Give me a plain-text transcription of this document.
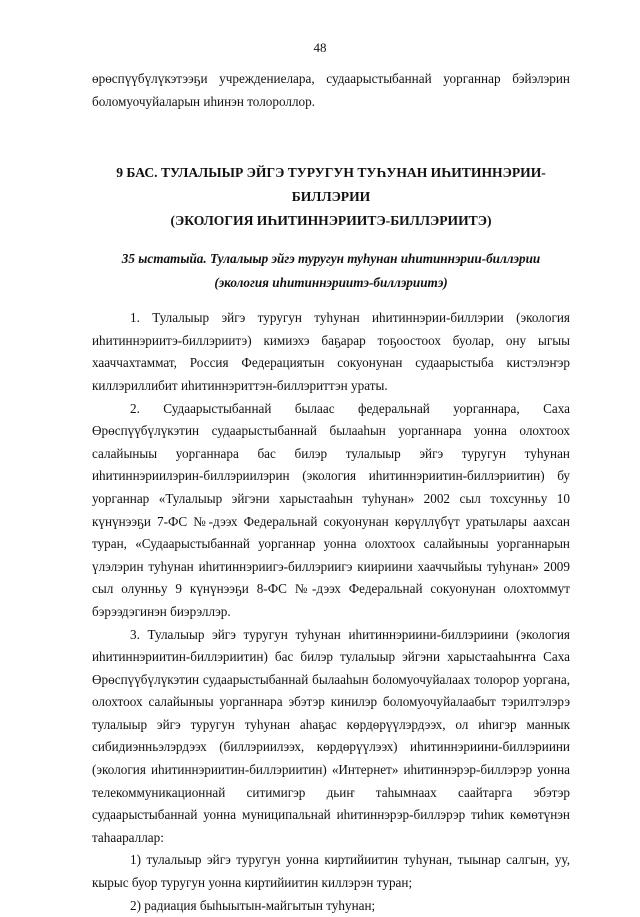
48

өрөспүүбүлүкэтээҕи учреждениелара, судаарыстыбаннай уорганнар бэйэлэрин боломуочуйаларын иһинэн толороллор.

9 БАС. ТУЛАЛЫЫР ЭЙГЭ ТУРУГУН ТУҺУНАН ИҺИТИННЭРИИ-БИЛЛЭРИИ
(ЭКОЛОГИЯ ИҺИТИННЭРИИТЭ-БИЛЛЭРИИТЭ)
35 ыстатыйа. Тулалыыр эйгэ туругун туһунан иһитиннэрии-биллэрии
(экология иһитиннэриитэ-биллэриитэ)

1. Тулалыыр эйгэ туругун туһунан иһитиннэрии-биллэрии (экология иһитиннэриитэ-биллэриитэ) кимиэхэ баҕарар тоҕоостоох буолар, ону ыгыы хааччахтаммат, Россия Федерациятын сокуонунан судаарыстыба кистэлэҥэр киллэриллибит иһитиннэриттэн-биллэриттэн ураты.

2. Судаарыстыбаннай былаас федеральнай уорганнара, Саха Өрөспүүбүлүкэтин судаарыстыбаннай былааһын уорганнара уонна олохтоох салайыныы уорганнара бас билэр тулалыыр эйгэ туругун туһунан иһитиннэриилэрин-биллэриилэрин (экология иһитиннэриитин-биллэриитин) бу уорганнар «Тулалыыр эйгэни харыстааһын туһунан» 2002 сыл тохсунньу 10 күнүнээҕи 7-ФС №-дээх Федеральнай сокуонунан көрүллүбүт уратылары аахсан туран, «Судаарыстыбаннай уорганнар уонна олохтоох салайыныы уорганнарын үлэлэрин туһунан иһитиннэриигэ-биллэриигэ киириини хааччыйыы туһунан» 2009 сыл олунньу 9 күнүнээҕи 8-ФС №-дээх Федеральнай сокуонунан олохтоммут бэрээдэгинэн биэрэллэр.

3. Тулалыыр эйгэ туругун туһунан иһитиннэриини-биллэриини (экология иһитиннэриитин-биллэриитин) бас билэр тулалыыр эйгэни харыстааһыҥҥа Саха Өрөспүүбүлүкэтин судаарыстыбаннай былааһын боломуочуйалаах толорор уоргана, олохтоох салайыныы уорганнара эбэтэр кинилэр боломуочуйалаабыт тэрилтэлэрэ тулалыыр эйгэ туругун туһунан аһаҕас көрдөрүүлэрдээх, ол иһигэр маннык сибидиэнньэлэрдээх (биллэриилээх, көрдөрүүлээх) иһитиннэриини-биллэриини (экология иһитиннэриитин-биллэриитин) «Интернет» иһитиннэрэр-биллэрэр уонна телекоммуникационнай ситимигэр дьиҥ таһымнаах саайтарга эбэтэр судаарыстыбаннай уонна муниципальнай иһитиннэрэр-биллэрэр тиһик көмөтүнэн таһаараллар:

1) тулалыыр эйгэ туругун уонна киртийиитин туһунан, тыынар салгын, уу, кырыс буор туругун уонна киртийиитин киллэрэн туран;

2) радиация быһыытын-майгытын туһунан;
